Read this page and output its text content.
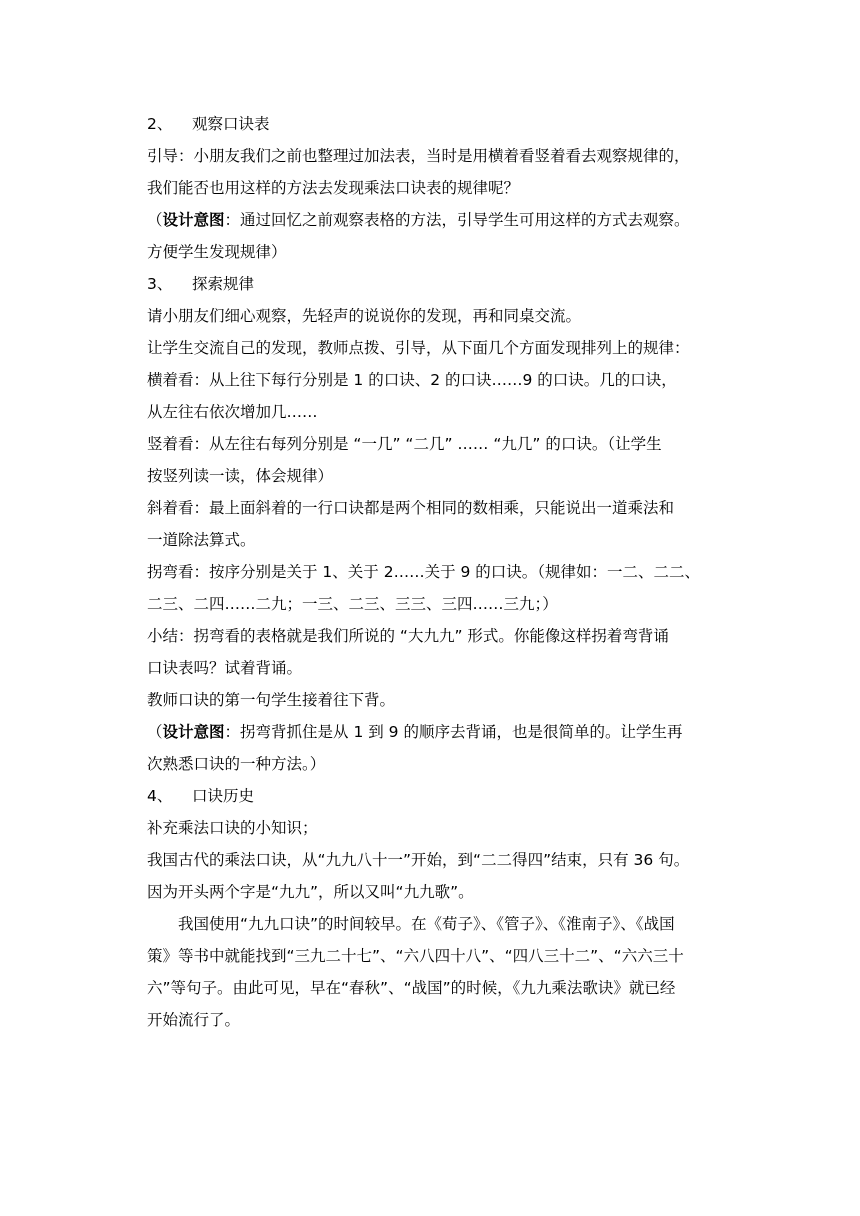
2、 观察口诀表
引导：小朋友我们之前也整理过加法表，当时是用横着看竖着看去观察规律的，
我们能否也用这样的方法去发现乘法口诀表的规律呢？
（设计意图：通过回忆之前观察表格的方法，引导学生可用这样的方式去观察。
方便学生发现规律）
3、 探索规律
请小朋友们细心观察，先轻声的说说你的发现，再和同桌交流。
让学生交流自己的发现，教师点拨、引导，从下面几个方面发现排列上的规律：
横着看：从上往下每行分别是 1 的口诀、2 的口诀……9 的口诀。几的口诀，
从左往右依次增加几……
竖着看：从左往右每列分别是 “一几” “二几” …… “九几” 的口诀。（让学生
按竖列读一读，体会规律）
斜着看：最上面斜着的一行口诀都是两个相同的数相乘，只能说出一道乘法和
一道除法算式。
拐弯看：按序分别是关于 1、关于 2……关于 9 的口诀。（规律如：一二、二二、
二三、二四……二九；一三、二三、三三、三四……三九；）
小结：拐弯看的表格就是我们所说的 “大九九” 形式。你能像这样拐着弯背诵
口诀表吗？试着背诵。
教师口诀的第一句学生接着往下背。
（设计意图：拐弯背抓住是从 1 到 9 的顺序去背诵，也是很简单的。让学生再
次熟悉口诀的一种方法。）
4、 口诀历史
补充乘法口诀的小知识；
我国古代的乘法口诀，从“九九八十一”开始，到“二二得四”结束，只有 36 句。
因为开头两个字是“九九”，所以又叫“九九歌”。
我国使用“九九口诀”的时间较早。在《荀子》、《管子》、《淮南子》、《战国
策》等书中就能找到“三九二十七”、“六八四十八”、“四八三十二”、“六六三十
六”等句子。由此可见，早在“春秋”、“战国”的时候，《九九乘法歌诀》就已经
开始流行了。
